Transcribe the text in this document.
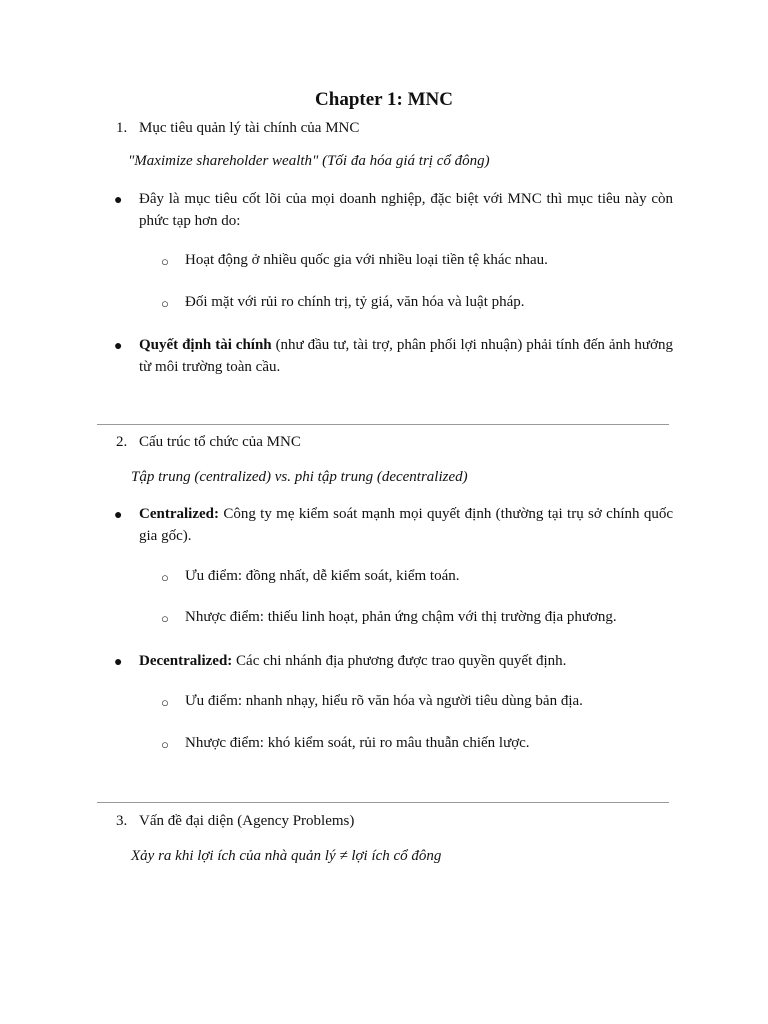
Chapter 1: MNC
1. Mục tiêu quản lý tài chính của MNC
"Maximize shareholder wealth" (Tối đa hóa giá trị cổ đông)
● Đây là mục tiêu cốt lõi của mọi doanh nghiệp, đặc biệt với MNC thì mục tiêu này còn phức tạp hơn do:
○ Hoạt động ở nhiều quốc gia với nhiều loại tiền tệ khác nhau.
○ Đối mặt với rủi ro chính trị, tỷ giá, văn hóa và luật pháp.
● Quyết định tài chính (như đầu tư, tài trợ, phân phối lợi nhuận) phải tính đến ảnh hưởng từ môi trường toàn cầu.
2. Cấu trúc tổ chức của MNC
Tập trung (centralized) vs. phi tập trung (decentralized)
● Centralized: Công ty mẹ kiểm soát mạnh mọi quyết định (thường tại trụ sở chính quốc gia gốc).
○ Ưu điểm: đồng nhất, dễ kiểm soát, kiểm toán.
○ Nhược điểm: thiếu linh hoạt, phản ứng chậm với thị trường địa phương.
● Decentralized: Các chi nhánh địa phương được trao quyền quyết định.
○ Ưu điểm: nhanh nhạy, hiểu rõ văn hóa và người tiêu dùng bản địa.
○ Nhược điểm: khó kiểm soát, rủi ro mâu thuẫn chiến lược.
3. Vấn đề đại diện (Agency Problems)
Xảy ra khi lợi ích của nhà quản lý ≠ lợi ích cổ đông
